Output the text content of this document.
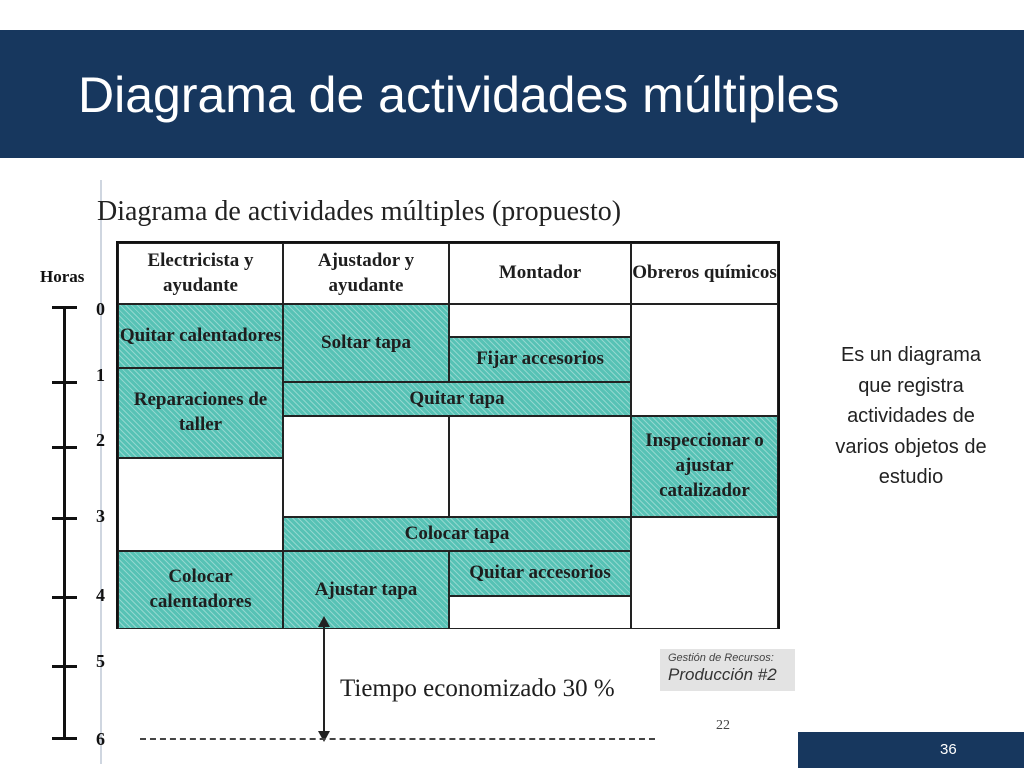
Diagrama de actividades múltiples
Diagrama de actividades múltiples (propuesto)
Horas
0
1
2
3
4
5
6
Electricista y ayudante
Ajustador y ayudante
Montador	Obreros químicos
Quitar calentadores
Reparaciones de taller
Colocar calentadores
Soltar tapa
Ajustar tapa
Fijar accesorios
Quitar accesorios
Quitar tapa
Colocar tapa
Inspeccionar o ajustar catalizador
Tiempo economizado 30 %
Gestión de Recursos:
Producción #2
22
Es un diagrama que registra actividades de varios objetos de estudio
36
